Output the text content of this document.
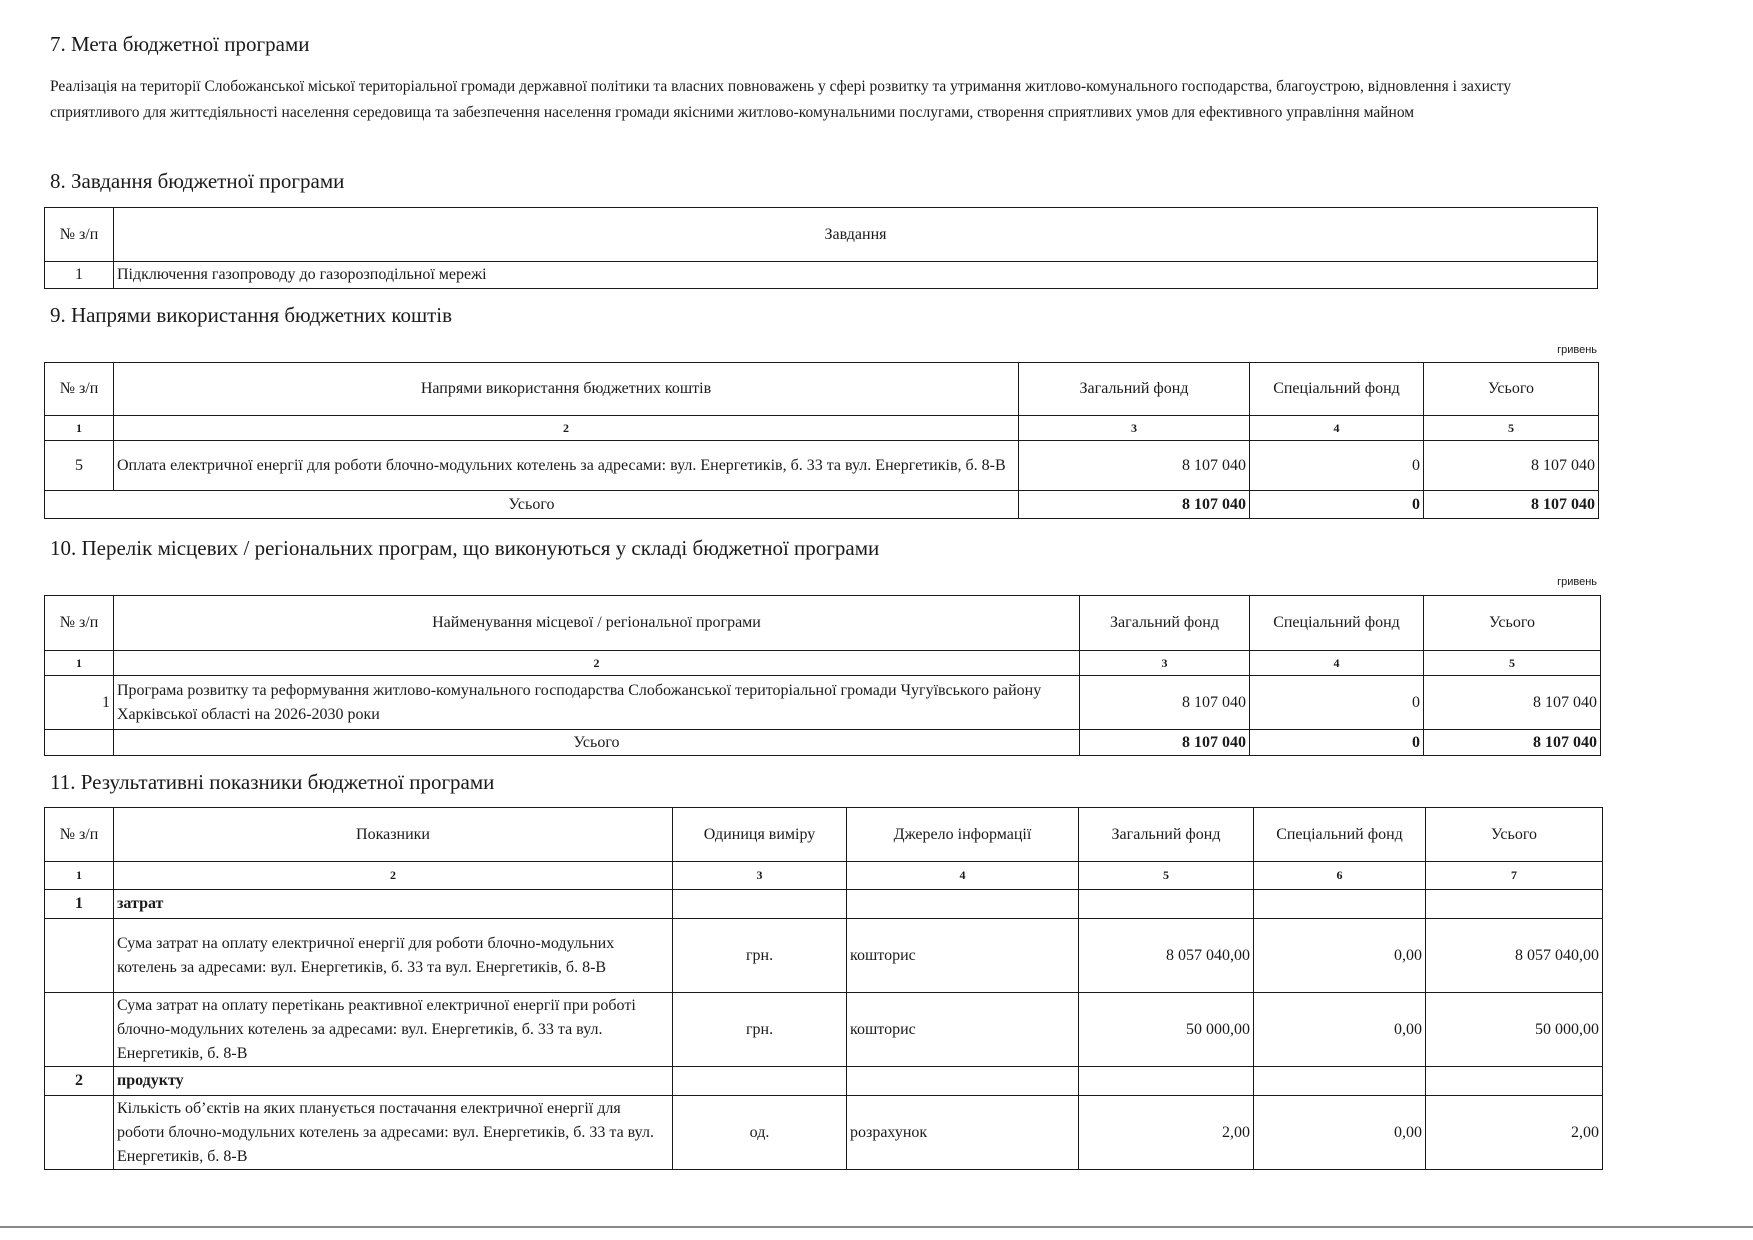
7. Мета бюджетної програми
Реалізація на території Слобожанської міської територіальної громади державної політики та власних повноважень у сфері розвитку та утримання житлово-комунального господарства, благоустрою, відновлення і захисту сприятливого для життєдіяльності населення середовища та забезпечення населення громади якісними житлово-комунальними послугами, створення сприятливих умов для ефективного управління майном
8. Завдання бюджетної програми
№ з/п	Завдання
1	Підключення газопроводу до газорозподільної мережі
9. Напрями використання бюджетних коштів
гривень
№ з/п	Напрями використання бюджетних коштів	Загальний фонд	Спеціальний фонд	Усього
1	2	3	4	5
5	Оплата електричної енергії для роботи блочно-модульних котелень за адресами: вул. Енергетиків, б. 33 та вул. Енергетиків, б. 8-В	8 107 040	0	8 107 040
Усього		8 107 040	0	8 107 040
10. Перелік місцевих / регіональних програм, що виконуються у складі бюджетної програми
гривень
№ з/п	Найменування місцевої / регіональної програми	Загальний фонд	Спеціальний фонд	Усього
1	2	3	4	5
1	Програма розвитку та реформування житлово-комунального господарства Слобожанської територіальної громади Чугуївського району Харківської області на 2026-2030 роки	8 107 040	0	8 107 040
	Усього	8 107 040	0	8 107 040
11. Результативні показники бюджетної програми
№ з/п	Показники	Одиниця виміру	Джерело інформації	Загальний фонд	Спеціальний фонд	Усього
1	2	3	4	5	6	7
1	затрат					
	Сума затрат на оплату електричної енергії для роботи блочно-модульних котелень за адресами: вул. Енергетиків, б. 33 та вул. Енергетиків, б. 8-В	грн.	кошторис	8 057 040,00	0,00	8 057 040,00
	Сума затрат на оплату перетікань реактивної електричної енергії при роботі блочно-модульних котелень за адресами: вул. Енергетиків, б. 33 та вул. Енергетиків, б. 8-В	грн.	кошторис	50 000,00	0,00	50 000,00
2	продукту					
	Кількість об’єктів на яких планується постачання електричної енергії для роботи блочно-модульних котелень за адресами: вул. Енергетиків, б. 33 та вул. Енергетиків, б. 8-В	од.	розрахунок	2,00	0,00	2,00
